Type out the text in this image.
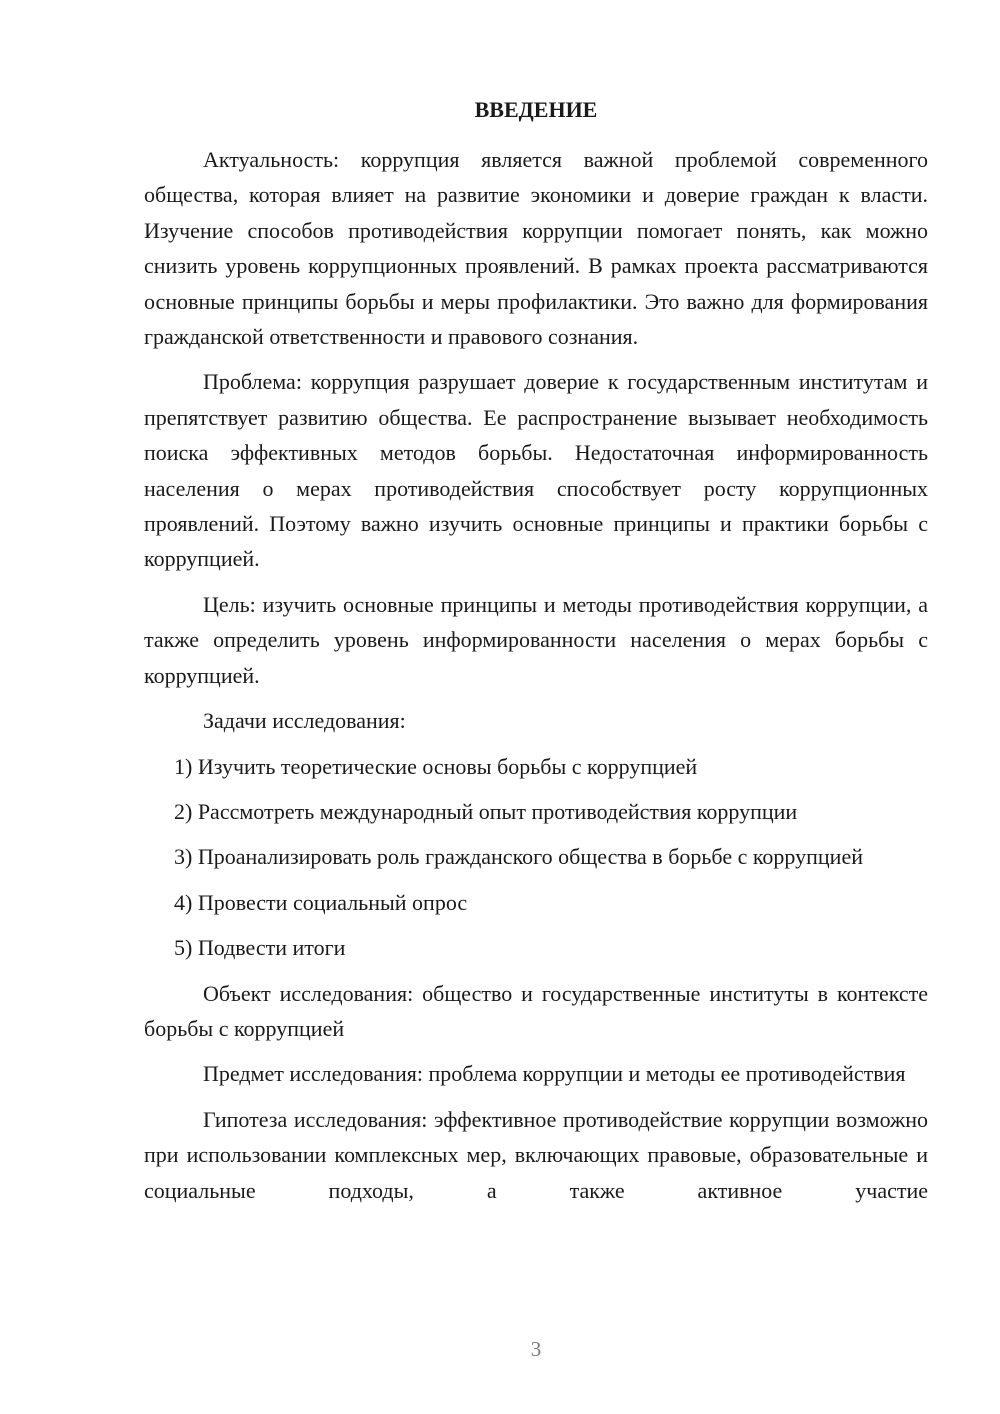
ВВЕДЕНИЕ

Актуальность: коррупция является важной проблемой современного общества, которая влияет на развитие экономики и доверие граждан к власти. Изучение способов противодействия коррупции помогает понять, как можно снизить уровень коррупционных проявлений. В рамках проекта рассматриваются основные принципы борьбы и меры профилактики. Это важно для формирования гражданской ответственности и правового сознания.

Проблема: коррупция разрушает доверие к государственным институтам и препятствует развитию общества. Ее распространение вызывает необходимость поиска эффективных методов борьбы. Недостаточная информированность населения о мерах противодействия способствует росту коррупционных проявлений. Поэтому важно изучить основные принципы и практики борьбы с коррупцией.

Цель: изучить основные принципы и методы противодействия коррупции, а также определить уровень информированности населения о мерах борьбы с коррупцией.

Задачи исследования:

1) Изучить теоретические основы борьбы с коррупцией

2) Рассмотреть международный опыт противодействия коррупции

3) Проанализировать роль гражданского общества в борьбе с коррупцией

4) Провести социальный опрос

5) Подвести итоги

Объект исследования: общество и государственные институты в контексте борьбы с коррупцией

Предмет исследования: проблема коррупции и методы ее противодействия

Гипотеза исследования: эффективное противодействие коррупции возможно при использовании комплексных мер, включающих правовые, образовательные и социальные подходы, а также активное участие

3
